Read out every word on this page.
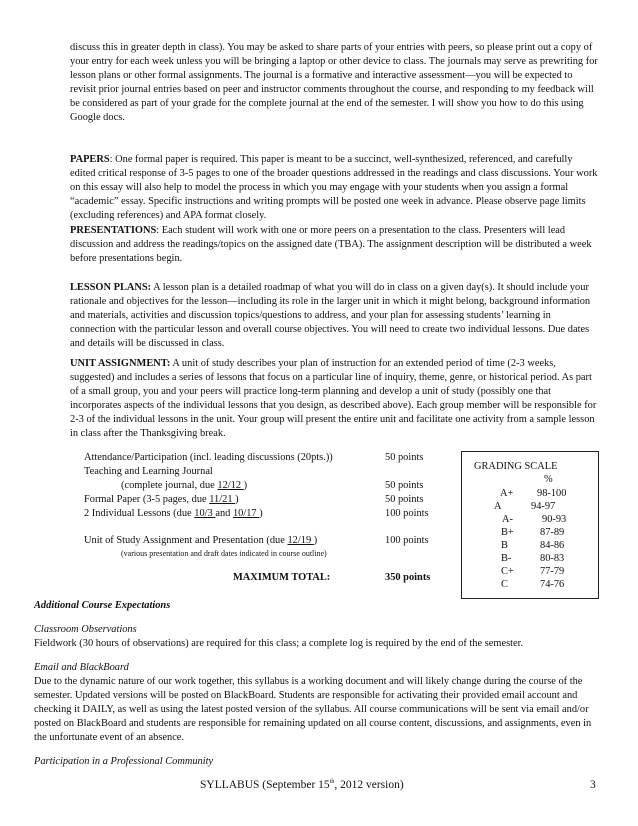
discuss this in greater depth in class). You may be asked to share parts of your entries with peers, so please print out a copy of your entry for each week unless you will be bringing a laptop or other device to class. The journals may serve as prewriting for lesson plans or other formal assignments. The journal is a formative and interactive assessment—you will be expected to revisit prior journal entries based on peer and instructor comments throughout the course, and responding to my feedback will be considered as part of your grade for the complete journal at the end of the semester. I will show you how to do this using Google docs.

PAPERS: One formal paper is required. This paper is meant to be a succinct, well-synthesized, referenced, and carefully edited critical response of 3-5 pages to one of the broader questions addressed in the readings and class discussions. Your work on this essay will also help to model the process in which you may engage with your students when you assign a formal “academic” essay. Specific instructions and writing prompts will be posted one week in advance. Please observe page limits (excluding references) and APA format closely.

PRESENTATIONS: Each student will work with one or more peers on a presentation to the class. Presenters will lead discussion and address the readings/topics on the assigned date (TBA). The assignment description will be distributed a week before presentations begin.

LESSON PLANS: A lesson plan is a detailed roadmap of what you will do in class on a given day(s). It should include your rationale and objectives for the lesson—including its role in the larger unit in which it might belong, background information and materials, activities and discussion topics/questions to address, and your plan for assessing students’ learning in connection with the particular lesson and overall course objectives. You will need to create two individual lessons. Due dates and details will be discussed in class.

UNIT ASSIGNMENT: A unit of study describes your plan of instruction for an extended period of time (2-3 weeks, suggested) and includes a series of lessons that focus on a particular line of inquiry, theme, genre, or historical period. As part of a small group, you and your peers will practice long-term planning and develop a unit of study (possibly one that incorporates aspects of the individual lessons that you design, as described above). Each group member will be responsible for 2-3 of the individual lessons in the unit. Your group will present the entire unit and facilitate one activity from a sample lesson in class after the Thanksgiving break.

Attendance/Participation (incl. leading discussions (20pts.))	50 points
Teaching and Learning Journal
(complete journal, due 12/12 )	50 points
Formal Paper (3-5 pages, due 11/21 )	50 points
2 Individual Lessons (due 10/3 and 10/17 )	100 points
Unit of Study Assignment and Presentation (due 12/19 )	100 points
(various presentation and draft dates indicated in course outline)
MAXIMUM TOTAL:	350 points
GRADING SCALE
%
A+ 98-100
A	94-97
A-	90-93
B+	87-89
B	84-86
B-	80-83
C+	77-79
C	74-76
Additional Course Expectations
Classroom Observations
Fieldwork (30 hours of observations) are required for this class; a complete log is required by the end of the semester.
Email and BlackBoard
Due to the dynamic nature of our work together, this syllabus is a working document and will likely change during the course of the semester. Updated versions will be posted on BlackBoard. Students are responsible for activating their provided email account and checking it DAILY, as well as using the latest posted version of the syllabus. All course communications will be sent via email and/or posted on BlackBoard and students are responsible for remaining updated on all course content, discussions, and assignments, even in the unfortunate event of an absence.
Participation in a Professional Community
SYLLABUS (September 15th, 2012 version)	3
